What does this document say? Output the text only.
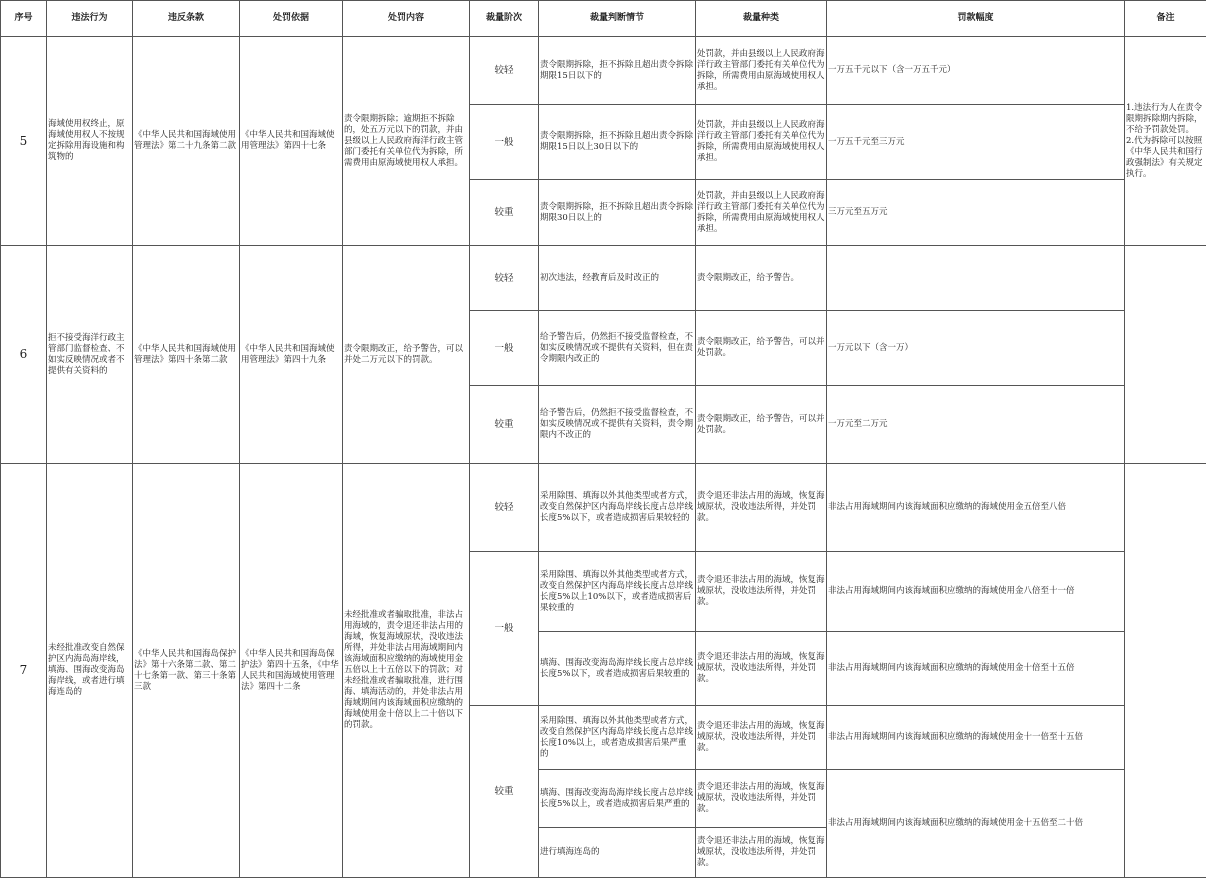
序号	违法行为	违反条款	处罚依据	处罚内容	裁量阶次	裁量判断情节	裁量种类	罚款幅度	备注
5	海域使用权终止，原海域使用权人不按规定拆除用海设施和构筑物的	《中华人民共和国海域使用管理法》第二十九条第二款	《中华人民共和国海域使用管理法》第四十七条	责令限期拆除；逾期拒不拆除的，处五万元以下的罚款，并由县级以上人民政府海洋行政主管部门委托有关单位代为拆除，所需费用由原海域使用权人承担。	较轻	责令限期拆除，拒不拆除且超出责令拆除期限15日以下的	处罚款，并由县级以上人民政府海洋行政主管部门委托有关单位代为拆除，所需费用由原海域使用权人承担。	一万五千元以下（含一万五千元）	1.违法行为人在责令限期拆除期内拆除，不给予罚款处罚。
2.代为拆除可以按照《中华人民共和国行政强制法》有关规定执行。
					一般	责令限期拆除，拒不拆除且超出责令拆除期限15日以上30日以下的	处罚款，并由县级以上人民政府海洋行政主管部门委托有关单位代为拆除，所需费用由原海域使用权人承担。	一万五千元至三万元	
					较重	责令限期拆除，拒不拆除且超出责令拆除期限30日以上的	处罚款，并由县级以上人民政府海洋行政主管部门委托有关单位代为拆除，所需费用由原海域使用权人承担。	三万元至五万元	
6	拒不接受海洋行政主管部门监督检查、不如实反映情况或者不提供有关资料的	《中华人民共和国海域使用管理法》第四十条第二款	《中华人民共和国海域使用管理法》第四十九条	责令限期改正，给予警告，可以并处二万元以下的罚款。	较轻	初次违法，经教育后及时改正的	责令限期改正，给予警告。		
					一般	给予警告后，仍然拒不接受监督检查，不如实反映情况或不提供有关资料，但在责令期限内改正的	责令限期改正，给予警告，可以并处罚款。	一万元以下（含一万）	
					较重	给予警告后，仍然拒不接受监督检查，不如实反映情况或不提供有关资料，责令期限内不改正的	责令限期改正，给予警告，可以并处罚款。	一万元至二万元	
7	未经批准改变自然保护区内海岛海岸线，填海、围海改变海岛海岸线，或者进行填海连岛的	《中华人民共和国海岛保护法》第十六条第二款、第二十七条第一款、第三十条第三款	《中华人民共和国海岛保护法》第四十五条，《中华人民共和国海域使用管理法》第四十二条	未经批准或者骗取批准，非法占用海域的，责令退还非法占用的海域，恢复海域原状，没收违法所得，并处非法占用海域期间内该海域面积应缴纳的海域使用金五倍以上十五倍以下的罚款；对未经批准或者骗取批准，进行围海、填海活动的，并处非法占用海域期间内该海域面积应缴纳的海域使用金十倍以上二十倍以下的罚款。	较轻	采用除围、填海以外其他类型或者方式，改变自然保护区内海岛岸线长度占总岸线长度5%以下，或者造成损害后果较轻的	责令退还非法占用的海域，恢复海域原状，没收违法所得，并处罚款。	非法占用海域期间内该海域面积应缴纳的海域使用金五倍至八倍	
					一般	采用除围、填海以外其他类型或者方式，改变自然保护区内海岛岸线长度占总岸线长度5%以上10%以下，或者造成损害后果较重的	责令退还非法占用的海域，恢复海域原状，没收违法所得，并处罚款。	非法占用海域期间内该海域面积应缴纳的海域使用金八倍至十一倍	
						填海、围海改变海岛海岸线长度占总岸线长度5%以下，或者造成损害后果较重的	责令退还非法占用的海域，恢复海域原状，没收违法所得，并处罚款。	非法占用海域期间内该海域面积应缴纳的海域使用金十倍至十五倍	
					较重	采用除围、填海以外其他类型或者方式，改变自然保护区内海岛岸线长度占总岸线长度10%以上，或者造成损害后果严重的	责令退还非法占用的海域，恢复海域原状，没收违法所得，并处罚款。	非法占用海域期间内该海域面积应缴纳的海域使用金十一倍至十五倍	
						填海、围海改变海岛海岸线长度占总岸线长度5%以上，或者造成损害后果严重的	责令退还非法占用的海域，恢复海域原状，没收违法所得，并处罚款。	非法占用海域期间内该海域面积应缴纳的海域使用金十五倍至二十倍	
						进行填海连岛的	责令退还非法占用的海域，恢复海域原状，没收违法所得，并处罚款。		
